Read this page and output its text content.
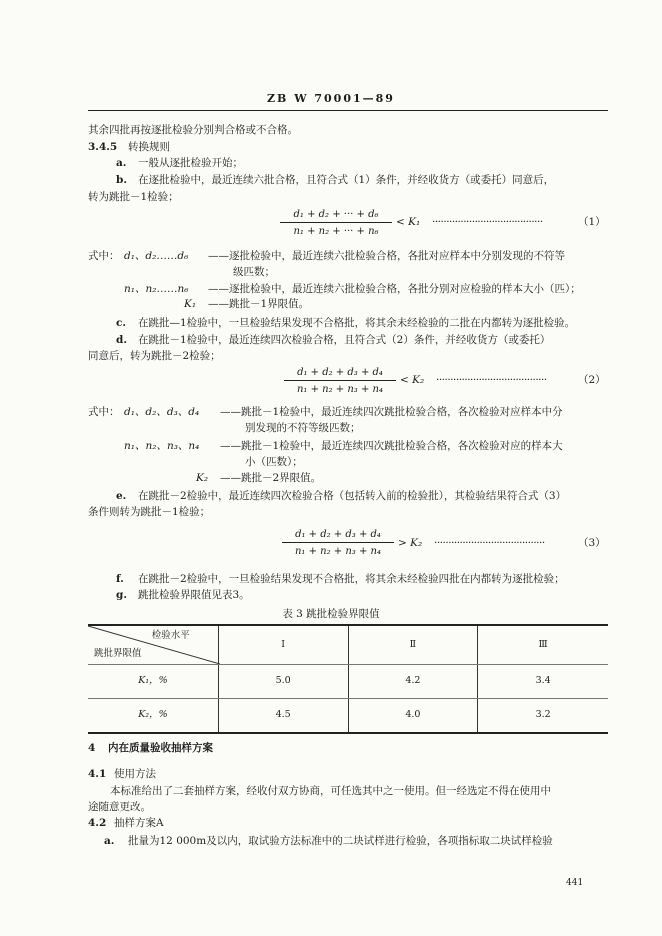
ZB W 70001—89
其余四批再按逐批检验分别判合格或不合格。
3.4.5 转换规则
a. 一般从逐批检验开始；
b. 在逐批检验中，最近连续六批合格，且符合式（1）条件，并经收货方（或委托）同意后，
转为跳批－1检验；
$\frac{\text{d₁ + d₂ + ··· + d₆}}{\text{n₁ + n₂ + ··· + n₆}} < K_1$ ·······································	（1）
式中： d₁、d₂……d₆ ——逐批检验中，最近连续六批检验合格，各批对应样本中分别发现的不符等
级匹数；
n₁、n₂……n₆ ——逐批检验中，最近连续六批检验合格，各批分别对应检验的样本大小（匹）；
K₁ ——跳批－1界限值。
c. 在跳批—1检验中，一旦检验结果发现不合格批，将其余未经检验的二批在内都转为逐批检验。
d. 在跳批－1检验中，最近连续四次检验合格，且符合式（2）条件，并经收货方（或委托）
同意后，转为跳批－2检验；
$\frac{\text{d₁ + d₂ + d₃ + d₄}}{\text{n₁ + n₂ + n₃ + n₄}} < K_2$ ·······································	（2）
式中： d₁、d₂、d₃、d₄ ——跳批－1检验中，最近连续四次跳批检验合格，各次检验对应样本中分
别发现的不符等级匹数；
n₁、n₂、n₃、n₄ ——跳批－1检验中，最近连续四次跳批检验合格，各次检验对应的样本大
小（匹数）；
K₂ ——跳批－2界限值。
e. 在跳批－2检验中，最近连续四次检验合格（包括转入前的检验批），其检验结果符合式（3）
条件则转为跳批－1检验；
$\frac{\text{d₁ + d₂ + d₃ + d₄}}{\text{n₁ + n₂ + n₃ + n₄}} > K_2$ ·······································	（3）
f. 在跳批－2检验中，一旦检验结果发现不合格批，将其余未经检验四批在内都转为逐批检验；
g. 跳批检验界限值见表3。
表 3 跳批检验界限值
检验水平
跳批界限值	Ⅰ	Ⅱ	Ⅲ
K₁，%	5.0	4.2	3.4
K₂，%	4.5	4.0	3.2
4 内在质量验收抽样方案
4.1 使用方法
本标准给出了二套抽样方案，经收付双方协商，可任选其中之一使用。但一经选定不得在使用中
途随意更改。
4.2 抽样方案A
a. 批量为12 000m及以内，取试验方法标准中的二块试样进行检验，各项指标取二块试样检验
441
